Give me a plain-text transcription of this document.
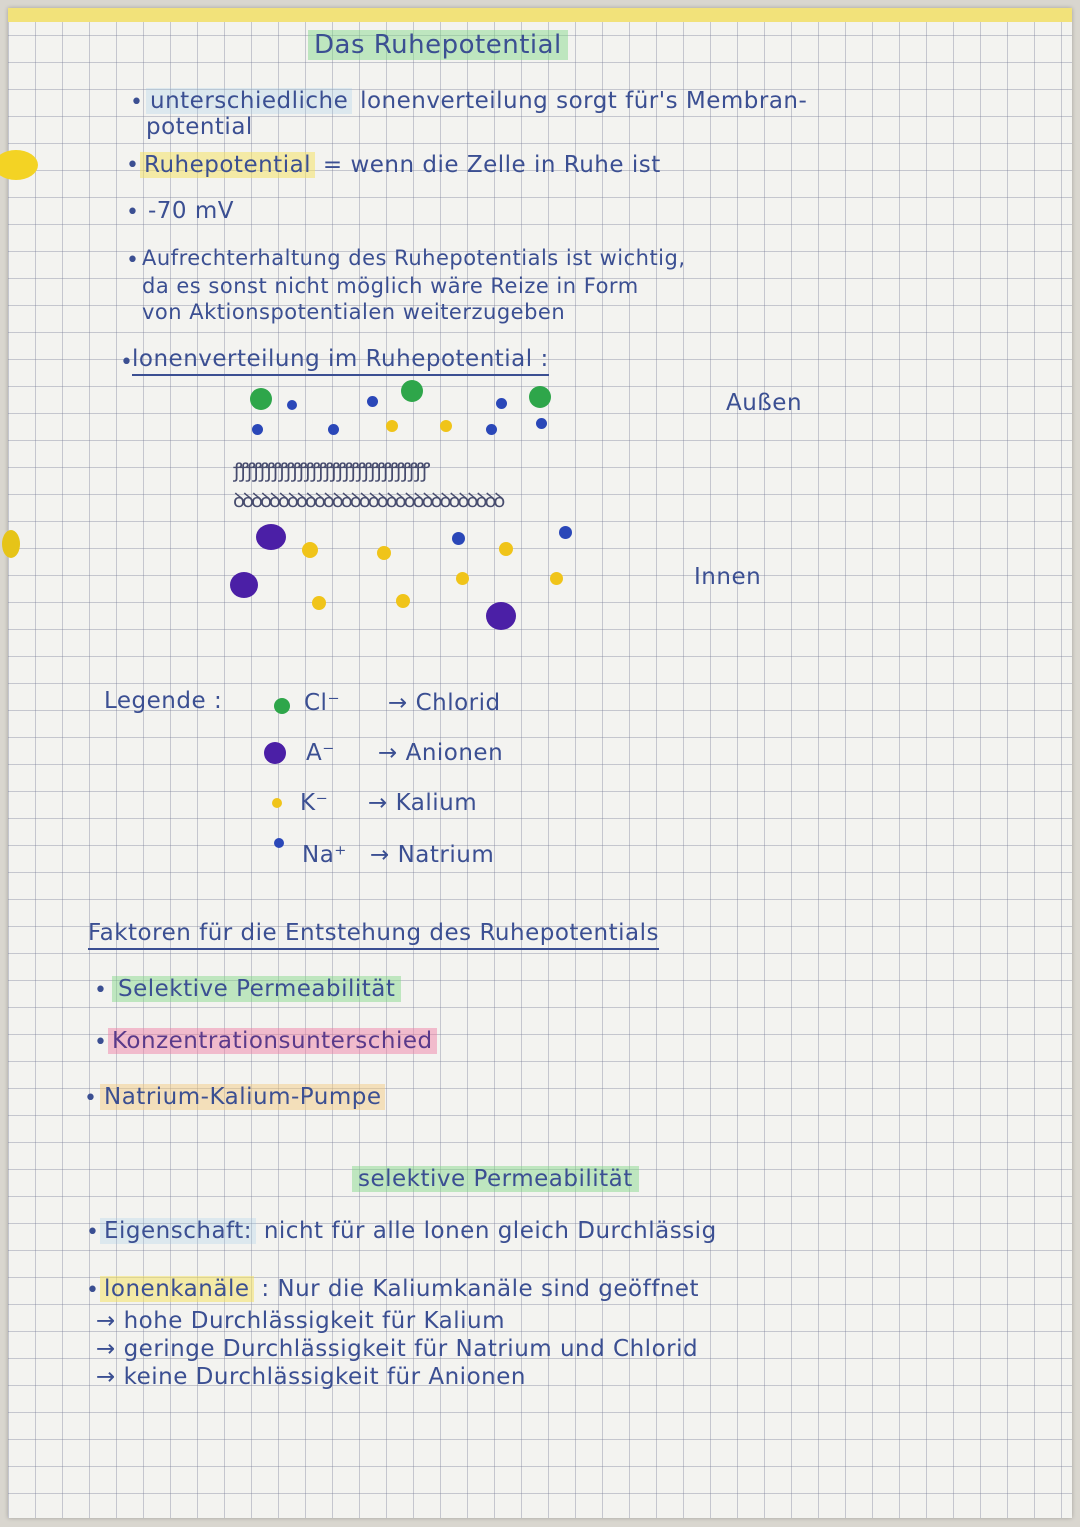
Das Ruhepotential
• unterschiedliche lonenverteilung sorgt für's Membran-
potential
• Ruhepotential = wenn die Zelle in Ruhe ist
• -70 mV
• Aufrechterhaltung des Ruhepotentials ist wichtig,
da es sonst nicht möglich wäre Reize in Form
von Aktionspotentialen weiterzugeben
• lonenverteilung im Ruhepotential :
Außen
Innen
ꝭꝭꝭꝭꝭꝭꝭꝭꝭꝭꝭꝭꝭꝭꝭꝭꝭꝭꝭꝭꝭꝭꝭꝭꝭꝭꝭꝭꝭꝭ
ꝺꝺꝺꝺꝺꝺꝺꝺꝺꝺꝺꝺꝺꝺꝺꝺꝺꝺꝺꝺꝺꝺꝺꝺꝺꝺꝺꝺꝺꝺ
Legende :	Cl⁻ → Chlorid
A⁻ → Anionen
K⁻ → Kalium
Na⁺ → Natrium
Faktoren für die Entstehung des Ruhepotentials
• Selektive Permeabilität
• Konzentrationsunterschied
• Natrium-Kalium-Pumpe
selektive Permeabilität
• Eigenschaft: nicht für alle lonen gleich Durchlässig
• lonenkanäle : Nur die Kaliumkanäle sind geöffnet
→ hohe Durchlässigkeit für Kalium
→ geringe Durchlässigkeit für Natrium und Chlorid
→ keine Durchlässigkeit für Anionen
